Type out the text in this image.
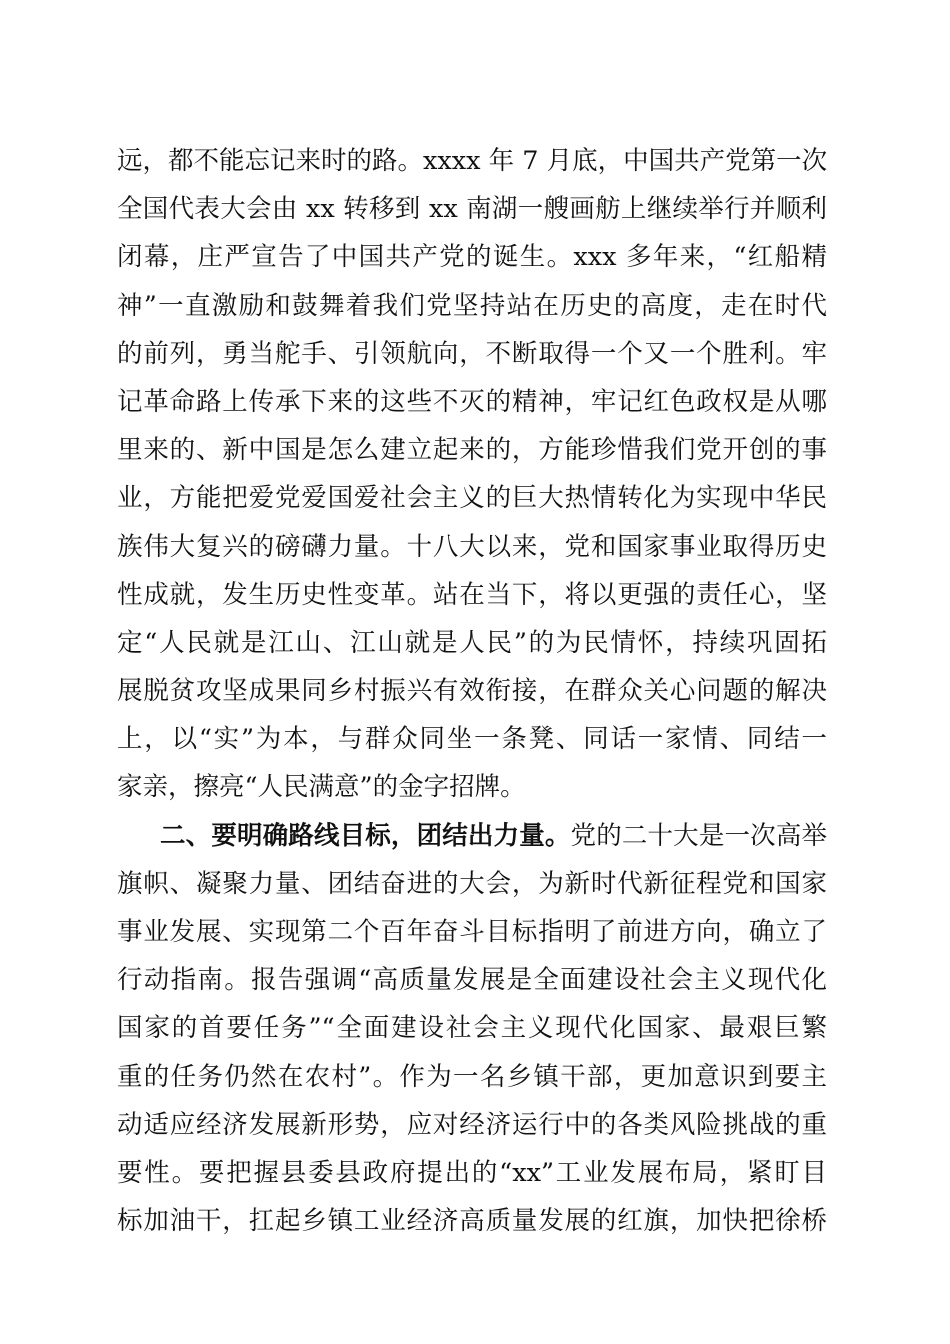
远，都不能忘记来时的路。xxxx 年 7 月底，中国共产党第一次
全国代表大会由 xx 转移到 xx 南湖一艘画舫上继续举行并顺利
闭幕，庄严宣告了中国共产党的诞生。xxx 多年来，“红船精
神”一直激励和鼓舞着我们党坚持站在历史的高度，走在时代
的前列，勇当舵手、引领航向，不断取得一个又一个胜利。牢
记革命路上传承下来的这些不灭的精神，牢记红色政权是从哪
里来的、新中国是怎么建立起来的，方能珍惜我们党开创的事
业，方能把爱党爱国爱社会主义的巨大热情转化为实现中华民
族伟大复兴的磅礴力量。十八大以来，党和国家事业取得历史
性成就，发生历史性变革。站在当下，将以更强的责任心，坚
定“人民就是江山、江山就是人民”的为民情怀，持续巩固拓
展脱贫攻坚成果同乡村振兴有效衔接，在群众关心问题的解决
上，以“实”为本，与群众同坐一条凳、同话一家情、同结一
家亲，擦亮“人民满意”的金字招牌。
二、要明确路线目标，团结出力量。党的二十大是一次高举
旗帜、凝聚力量、团结奋进的大会，为新时代新征程党和国家
事业发展、实现第二个百年奋斗目标指明了前进方向，确立了
行动指南。报告强调“高质量发展是全面建设社会主义现代化
国家的首要任务”“全面建设社会主义现代化国家、最艰巨繁
重的任务仍然在农村”。作为一名乡镇干部，更加意识到要主
动适应经济发展新形势，应对经济运行中的各类风险挑战的重
要性。要把握县委县政府提出的“xx”工业发展布局，紧盯目
标加油干，扛起乡镇工业经济高质量发展的红旗，加快把徐桥
